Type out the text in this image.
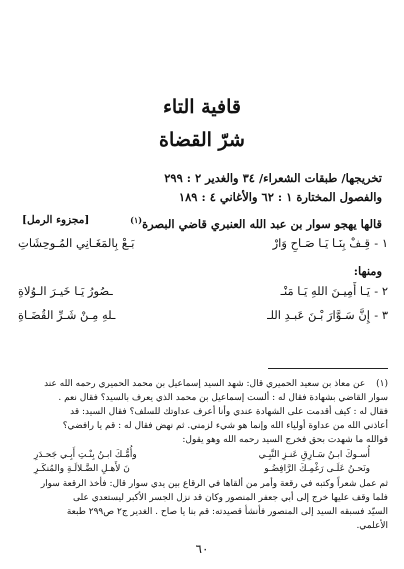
قافية التاء
شرّ القضاة
تخريجها/ طبقات الشعراء/ ٣٤ والغدير ٢ : ٢٩٩
والفصول المختارة ١ : ٦٢ والأغاني ٤ : ١٨٩
قالها يهجو سوار بن عبد الله العنبري قاضي البصرة$^{(١)}$
[مجزوء الرمل]
١ -
قِـفْ بِنَـا يَـا صَـاحِ وَارْ
بَـعْ بِالمَغَـانِي المُـوحِشَاتِ
ومنها:
٢ -
يَـا أَمِيـنَ اللهِ يَـا مَنْـ
ـصُورُ يَـا خَيـرَ الـوُلاةِ
٣ -
إِنَّ سَـوَّارَ بْـنَ عَبـدِ اللـ
ـلهِ مِـنْ شَـرِّ القُضَـاةِ
(١) عن معاذ بن سعيد الحميري قال: شهد السيد إسماعيل بن محمد الحميري رحمه الله عند
سوار القاضي بشهادة فقال له : ألست إسماعيل بن محمد الذي يعرف بالسيد؟ فقال نعم .
فقال له : كيف أقدمت على الشهادة عندي وأنا أعرف عداوتك للسلف؟ فقال السيد: قد
أعاذني الله من عداوة أولياء الله وإنما هو شيء لزمني. ثم نهض فقال له : قم يا رافضي؟
فوالله ما شهدت بحق فخرج السيد رحمه الله وهو يقول:
أُسـوكَ ابـنُ سَـارِقِ عَنـزِ النَّبِـي
وأُمُّـكَ ابـنُ بِنْـتِ أَبِـي جَحـدَرِ
ونَحـنُ عَلَـى رَغْمِـكَ الرَّافِضُـو
نَ لأَهـلِ الضَّـلالَـةِ والمُنكَـرِ
ثم عمل شعراً وكتبه في رقعة وأمر من ألقاها في الرقاع بين يدي سوار قال: فأخذ الرقعة سوار
فلما وقف عليها خرج إلى أبي جعفر المنصور وكان قد نزل الجسر الأكبر ليستعدي على
السيّد فسبقه السيد إلى المنصور فأنشأ قصيدته: قم بنا يا صاح . الغدير ج٢ ص٢٩٩ طبعة
الأعلمي.
٦٠
